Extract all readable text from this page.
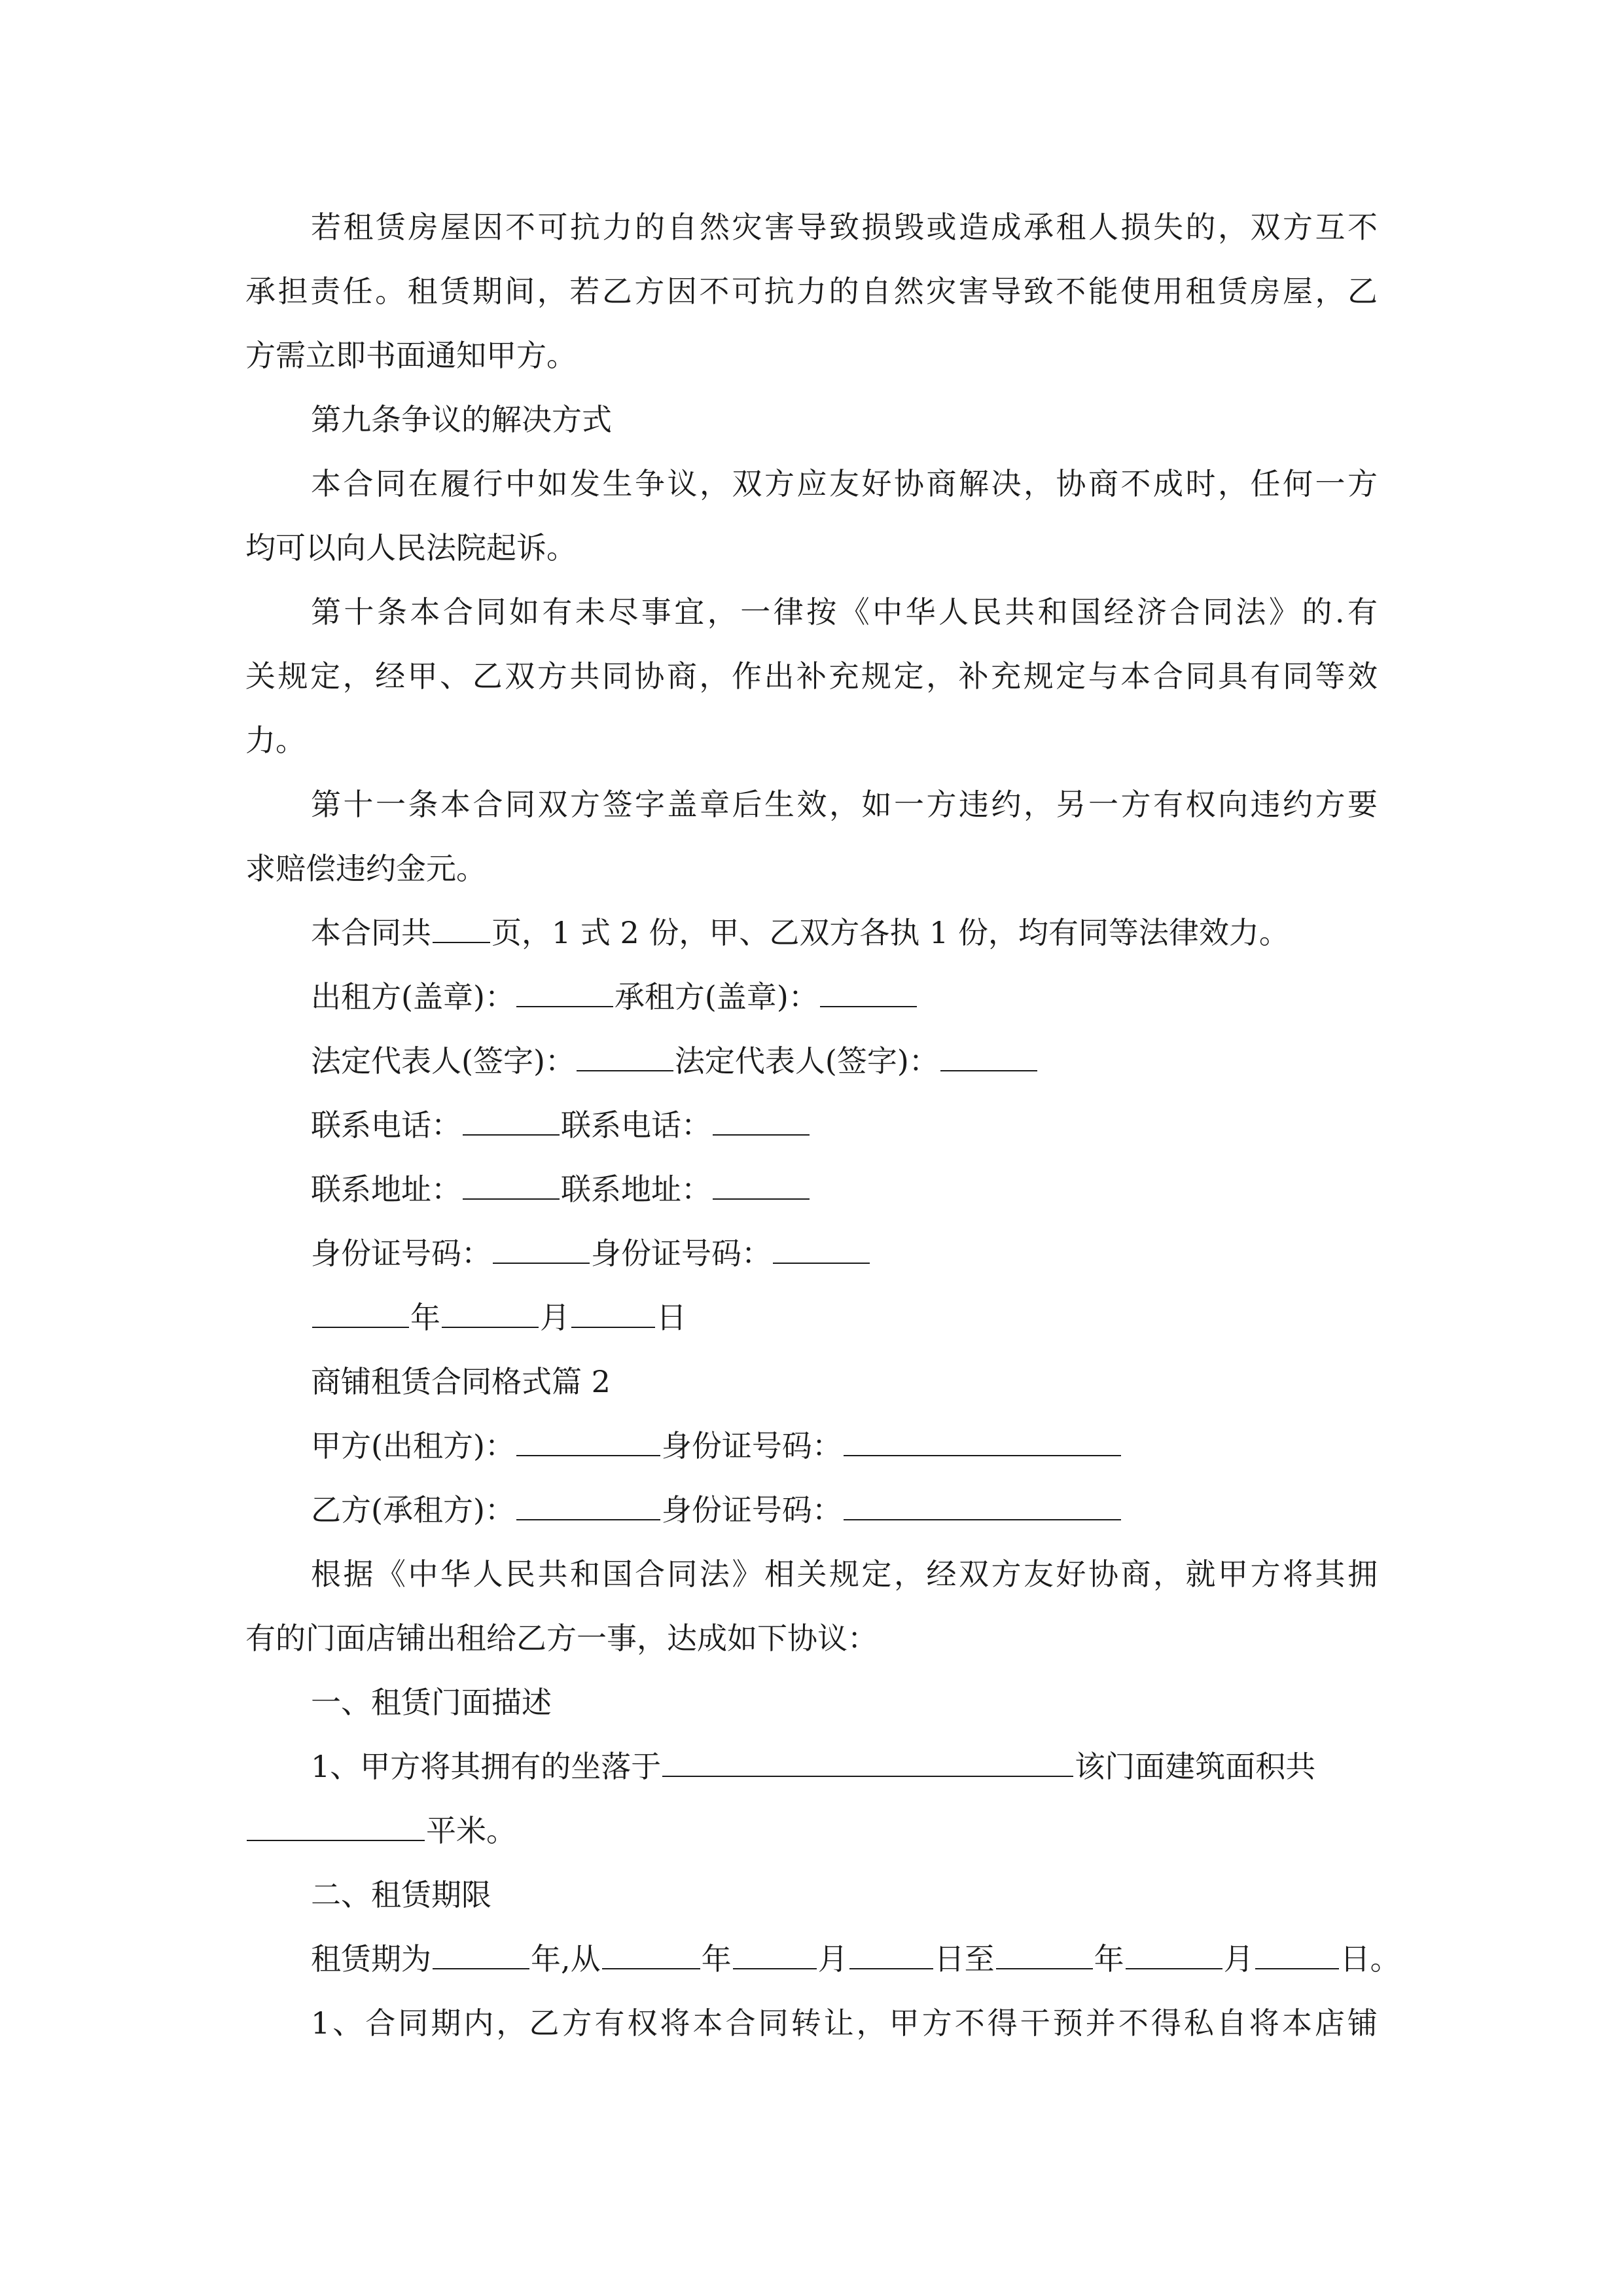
若租赁房屋因不可抗力的自然灾害导致损毁或造成承租人损失的，双方互不
承担责任。租赁期间，若乙方因不可抗力的自然灾害导致不能使用租赁房屋，乙
方需立即书面通知甲方。
第九条争议的解决方式
本合同在履行中如发生争议，双方应友好协商解决，协商不成时，任何一方
均可以向人民法院起诉。
第十条本合同如有未尽事宜，一律按《中华人民共和国经济合同法》的.有
关规定，经甲、乙双方共同协商，作出补充规定，补充规定与本合同具有同等效
力。
第十一条本合同双方签字盖章后生效，如一方违约，另一方有权向违约方要
求赔偿违约金元。
本合同共 页，1 式 2 份，甲、乙双方各执 1 份，均有同等法律效力。
出租方(盖章)：	承租方(盖章)：
法定代表人(签字)：	法定代表人(签字)：
联系电话：	联系电话：
联系地址：	联系地址：
身份证号码：	身份证号码：
年	月	日
商铺租赁合同格式篇 2
甲方(出租方)：	身份证号码：
乙方(承租方)：	身份证号码：
根据《中华人民共和国合同法》相关规定，经双方友好协商，就甲方将其拥
有的门面店铺出租给乙方一事，达成如下协议：
一、租赁门面描述
1、甲方将其拥有的坐落于	该门面建筑面积共
平米。
二、租赁期限
租赁期为	年,从	年	月	日至	年	月	日。
1、合同期内，乙方有权将本合同转让，甲方不得干预并不得私自将本店铺
